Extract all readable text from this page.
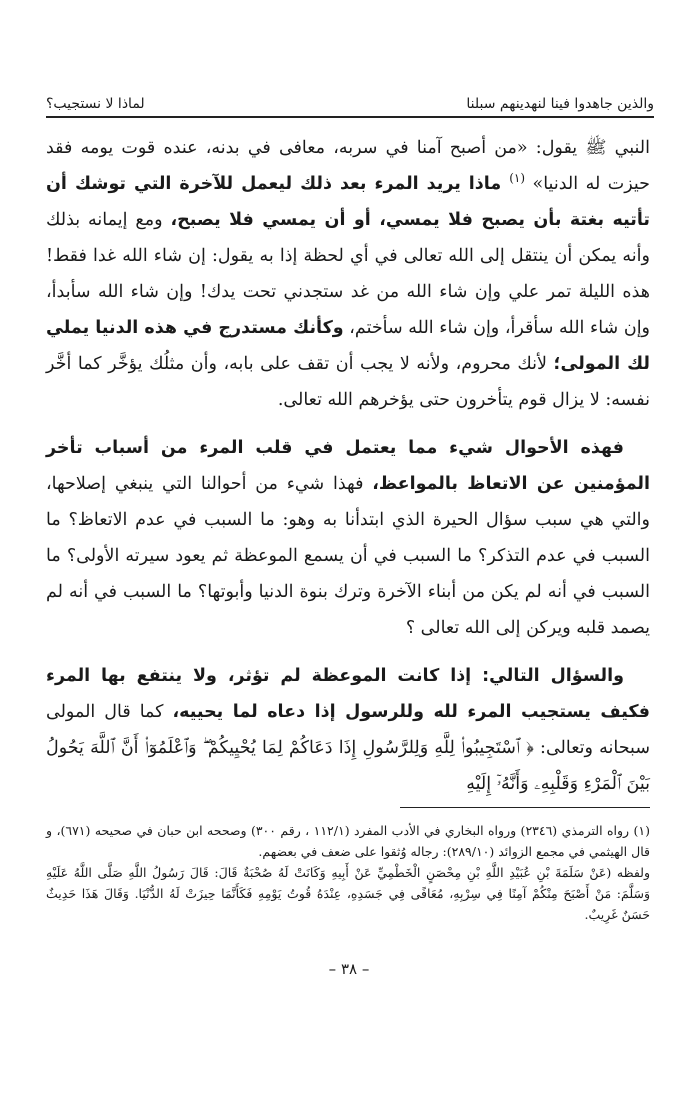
والذين جاهدوا فينا لنهدينهم سبلنا
لماذا لا نستجيب؟

النبي ﷺ يقول: «من أصبح آمنا في سربه، معافى في بدنه، عنده قوت يومه فقد حيزت له الدنيا» $^{(١)}$ ماذا يريد المرء بعد ذلك ليعمل للآخرة التي توشك أن تأتيه بغتة بأن يصبح فلا يمسي، أو أن يمسي فلا يصبح، ومع إيمانه بذلك وأنه يمكن أن ينتقل إلى الله تعالى في أي لحظة إذا به يقول: إن شاء الله غدا فقط! هذه الليلة تمر علي وإن شاء الله من غد ستجدني تحت يدك! وإن شاء الله سأبدأ، وإن شاء الله سأقرأ، وإن شاء الله سأختم، وكأنك مستدرج في هذه الدنيا يملي لك المولى؛ لأنك محروم، ولأنه لا يجب أن تقف على بابه، وأن مثلُك يؤخَّر كما أخَّر نفسه: لا يزال قوم يتأخرون حتى يؤخرهم الله تعالى.

فهذه الأحوال شيء مما يعتمل في قلب المرء من أسباب تأخر المؤمنين عن الاتعاظ بالمواعظ، فهذا شيء من أحوالنا التي ينبغي إصلاحها، والتي هي سبب سؤال الحيرة الذي ابتدأنا به وهو: ما السبب في عدم الاتعاظ؟ ما السبب في عدم التذكر؟ ما السبب في أن يسمع الموعظة ثم يعود سيرته الأولى؟ ما السبب في أنه لم يكن من أبناء الآخرة وترك بنوة الدنيا وأبوتها؟ ما السبب في أنه لم يصمد قلبه ويركن إلى الله تعالى ؟

والسؤال التالي: إذا كانت الموعظة لم تؤثر، ولا ينتفع بها المرء فكيف يستجيب المرء لله وللرسول إذا دعاه لما يحييه، كما قال المولى سبحانه وتعالى: ﴿ ٱسْتَجِيبُوا۟ لِلَّهِ وَلِلرَّسُولِ إِذَا دَعَاكُمْ لِمَا يُحْيِيكُمْ ۖ وَٱعْلَمُوٓا۟ أَنَّ ٱللَّهَ يَحُولُ بَيْنَ ٱلْمَرْءِ وَقَلْبِهِۦ وَأَنَّهُۥٓ إِلَيْهِ

(١) رواه الترمذي (٢٣٤٦) ورواه البخاري في الأدب المفرد (١١٢/١ ، رقم ٣٠٠) وصححه ابن حبان في صحيحه (٦٧١)، و قال الهيثمي في مجمع الزوائد (٢٨٩/١٠): رجاله وُثقوا على ضعف في بعضهم.

ولفظه (عَنْ سَلَمَةَ بْنِ عُبَيْدِ اللَّهِ بْنِ مِحْصَنٍ الْخَطْمِيِّ عَنْ أَبِيهِ وَكَانَتْ لَهُ صُحْبَةٌ قَالَ: قَالَ رَسُولُ اللَّهِ صَلَّى اللَّهُ عَلَيْهِ وَسَلَّمَ: مَنْ أَصْبَحَ مِنْكُمْ آمِنًا فِي سِرْبِهِ، مُعَافًى فِي جَسَدِهِ، عِنْدَهُ قُوتُ يَوْمِهِ فَكَأَنَّمَا حِيزَتْ لَهُ الدُّنْيَا. وَقَالَ هَذَا حَدِيثٌ حَسَنٌ غَرِيبٌ.

– ٣٨ –
